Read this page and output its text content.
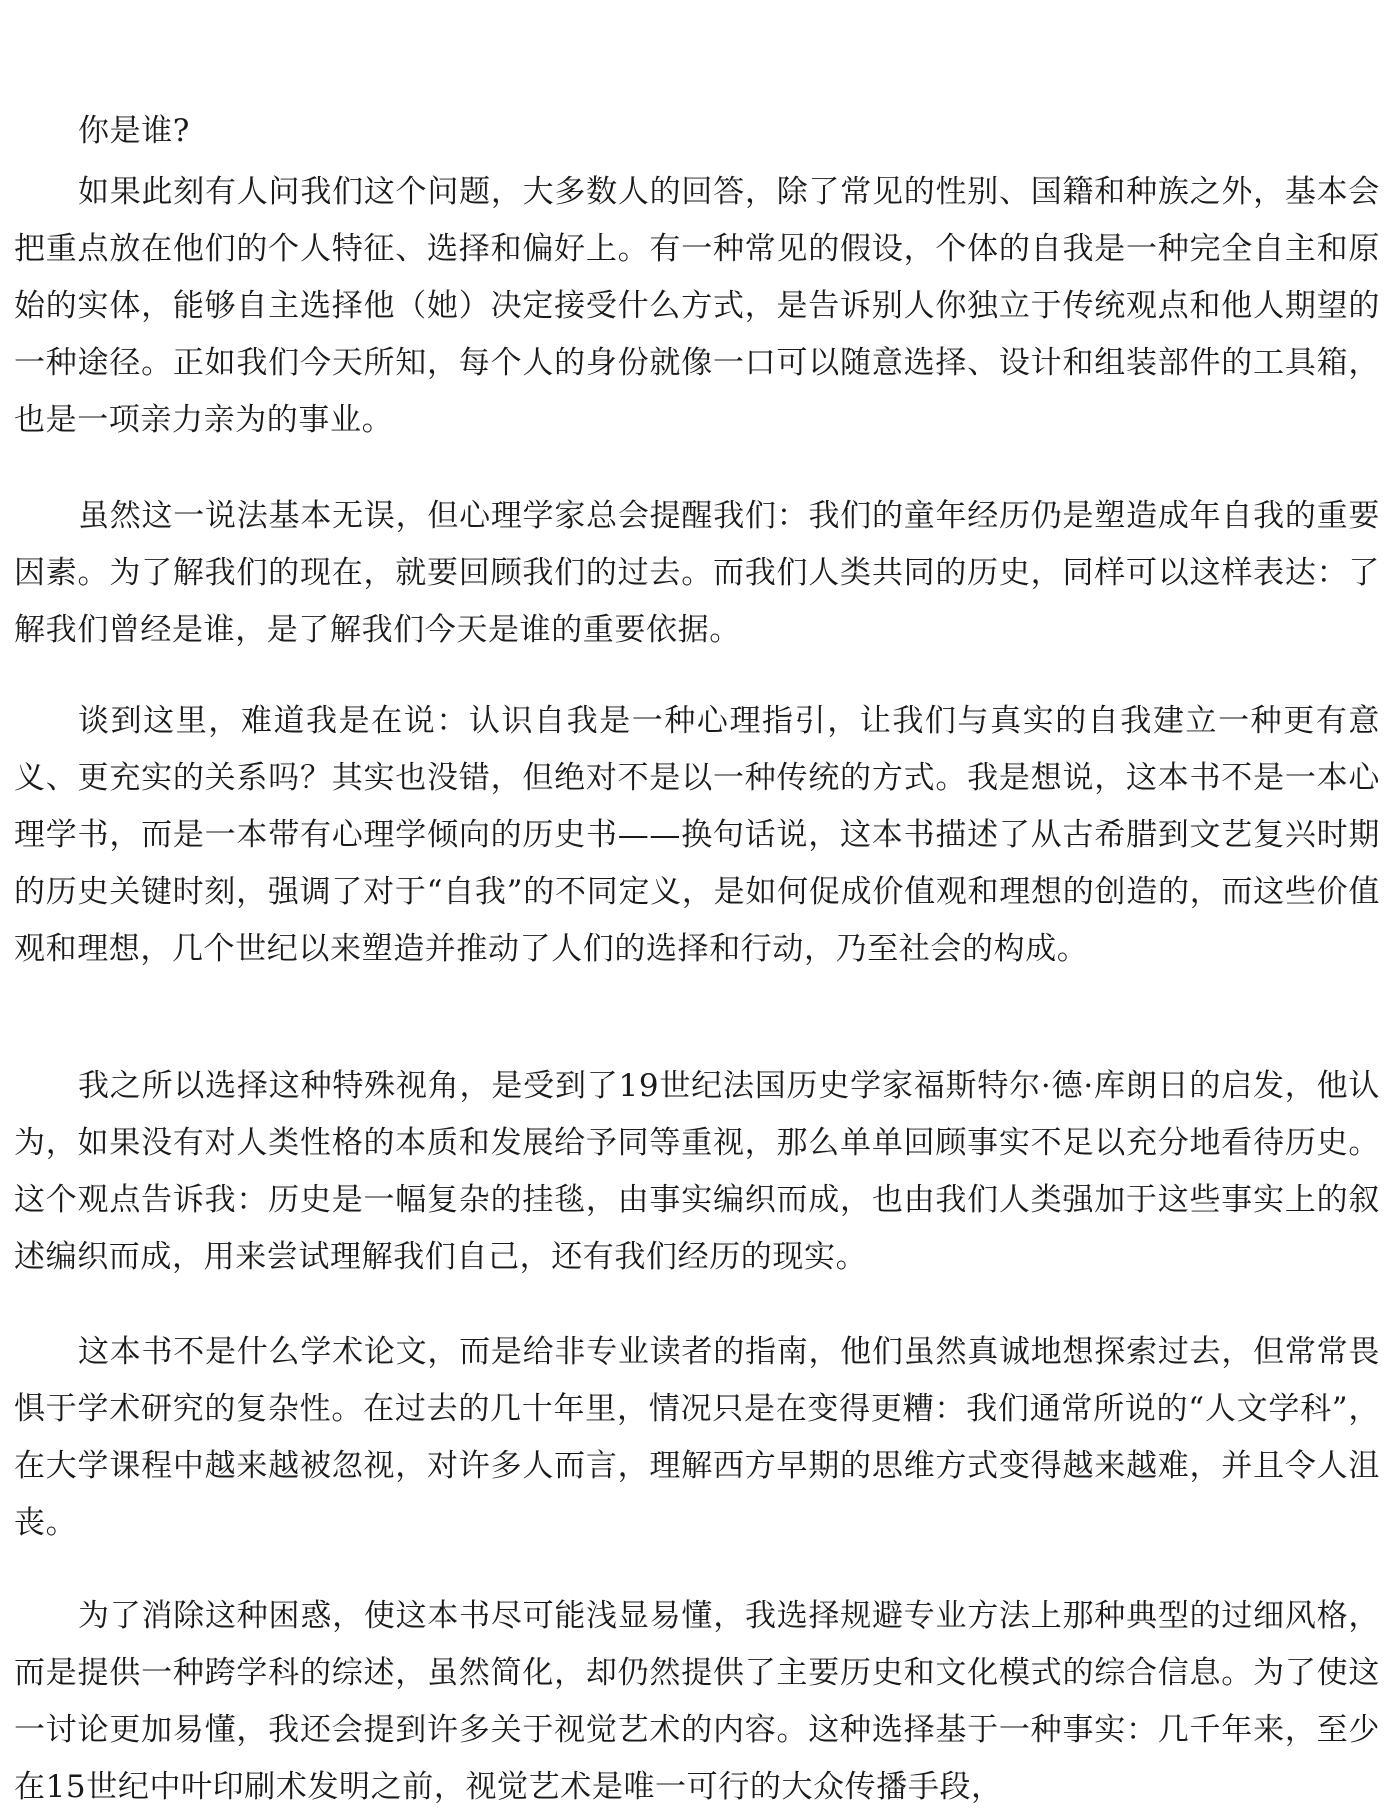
你是谁?

如果此刻有人问我们这个问题，大多数人的回答，除了常见的性别、国籍和种族之外，基本会把重点放在他们的个人特征、选择和偏好上。有一种常见的假设，个体的自我是一种完全自主和原始的实体，能够自主选择他（她）决定接受什么方式，是告诉别人你独立于传统观点和他人期望的一种途径。正如我们今天所知，每个人的身份就像一口可以随意选择、设计和组装部件的工具箱，也是一项亲力亲为的事业。

虽然这一说法基本无误，但心理学家总会提醒我们：我们的童年经历仍是塑造成年自我的重要因素。为了解我们的现在，就要回顾我们的过去。而我们人类共同的历史，同样可以这样表达：了解我们曾经是谁，是了解我们今天是谁的重要依据。

谈到这里，难道我是在说：认识自我是一种心理指引，让我们与真实的自我建立一种更有意义、更充实的关系吗？其实也没错，但绝对不是以一种传统的方式。我是想说，这本书不是一本心理学书，而是一本带有心理学倾向的历史书——换句话说，这本书描述了从古希腊到文艺复兴时期的历史关键时刻，强调了对于“自我”的不同定义，是如何促成价值观和理想的创造的，而这些价值观和理想，几个世纪以来塑造并推动了人们的选择和行动，乃至社会的构成。

我之所以选择这种特殊视角，是受到了19世纪法国历史学家福斯特尔·德·库朗日的启发，他认为，如果没有对人类性格的本质和发展给予同等重视，那么单单回顾事实不足以充分地看待历史。这个观点告诉我：历史是一幅复杂的挂毯，由事实编织而成，也由我们人类强加于这些事实上的叙述编织而成，用来尝试理解我们自己，还有我们经历的现实。

这本书不是什么学术论文，而是给非专业读者的指南，他们虽然真诚地想探索过去，但常常畏惧于学术研究的复杂性。在过去的几十年里，情况只是在变得更糟：我们通常所说的“人文学科”，在大学课程中越来越被忽视，对许多人而言，理解西方早期的思维方式变得越来越难，并且令人沮丧。

为了消除这种困惑，使这本书尽可能浅显易懂，我选择规避专业方法上那种典型的过细风格，而是提供一种跨学科的综述，虽然简化，却仍然提供了主要历史和文化模式的综合信息。为了使这一讨论更加易懂，我还会提到许多关于视觉艺术的内容。这种选择基于一种事实：几千年来，至少在15世纪中叶印刷术发明之前，视觉艺术是唯一可行的大众传播手段，
